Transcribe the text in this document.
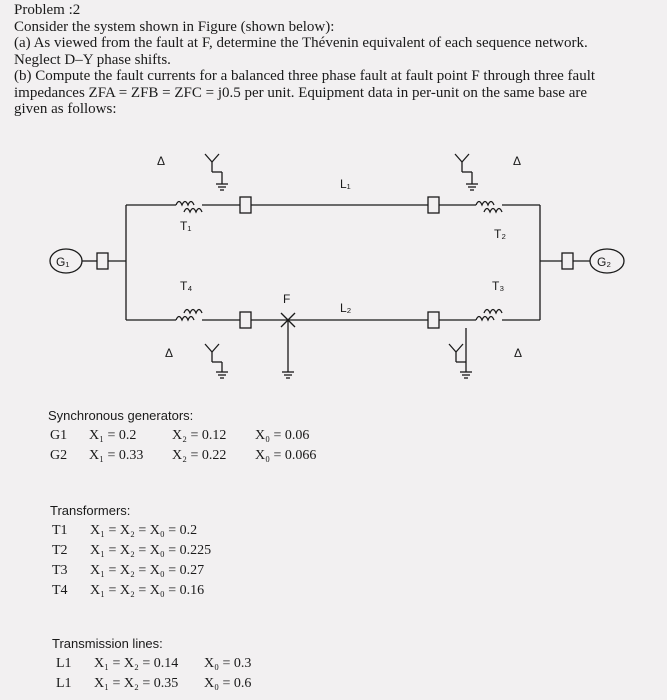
Problem :2
Consider the system shown in Figure (shown below):
(a) As viewed from the fault at F, determine the Thévenin equivalent of each sequence network.
Neglect D–Y phase shifts.
(b) Compute the fault currents for a balanced three phase fault at fault point F through three fault
impedances ZFA = ZFB = ZFC = j0.5 per unit. Equipment data in per-unit on the same base are
given as follows:
G₁
Δ
T₁
L₁
Δ
T₂
T₄	T₃
L₂
Δ	Δ
F
G₂
Synchronous generators:
G1 X₁ = 0.2	X₂ = 0.12 X₀ = 0.06
G2 X₁ = 0.33 X₂ = 0.22 X₀ = 0.066
Transformers:
T1 X₁ = X₂ = X₀ = 0.2
T2 X₁ = X₂ = X₀ = 0.225
T3 X₁ = X₂ = X₀ = 0.27
T4 X₁ = X₂ = X₀ = 0.16
Transmission lines:
L1 X₁ = X₂ = 0.14 X₀ = 0.3
L1 X₁ = X₂ = 0.35 X₀ = 0.6
